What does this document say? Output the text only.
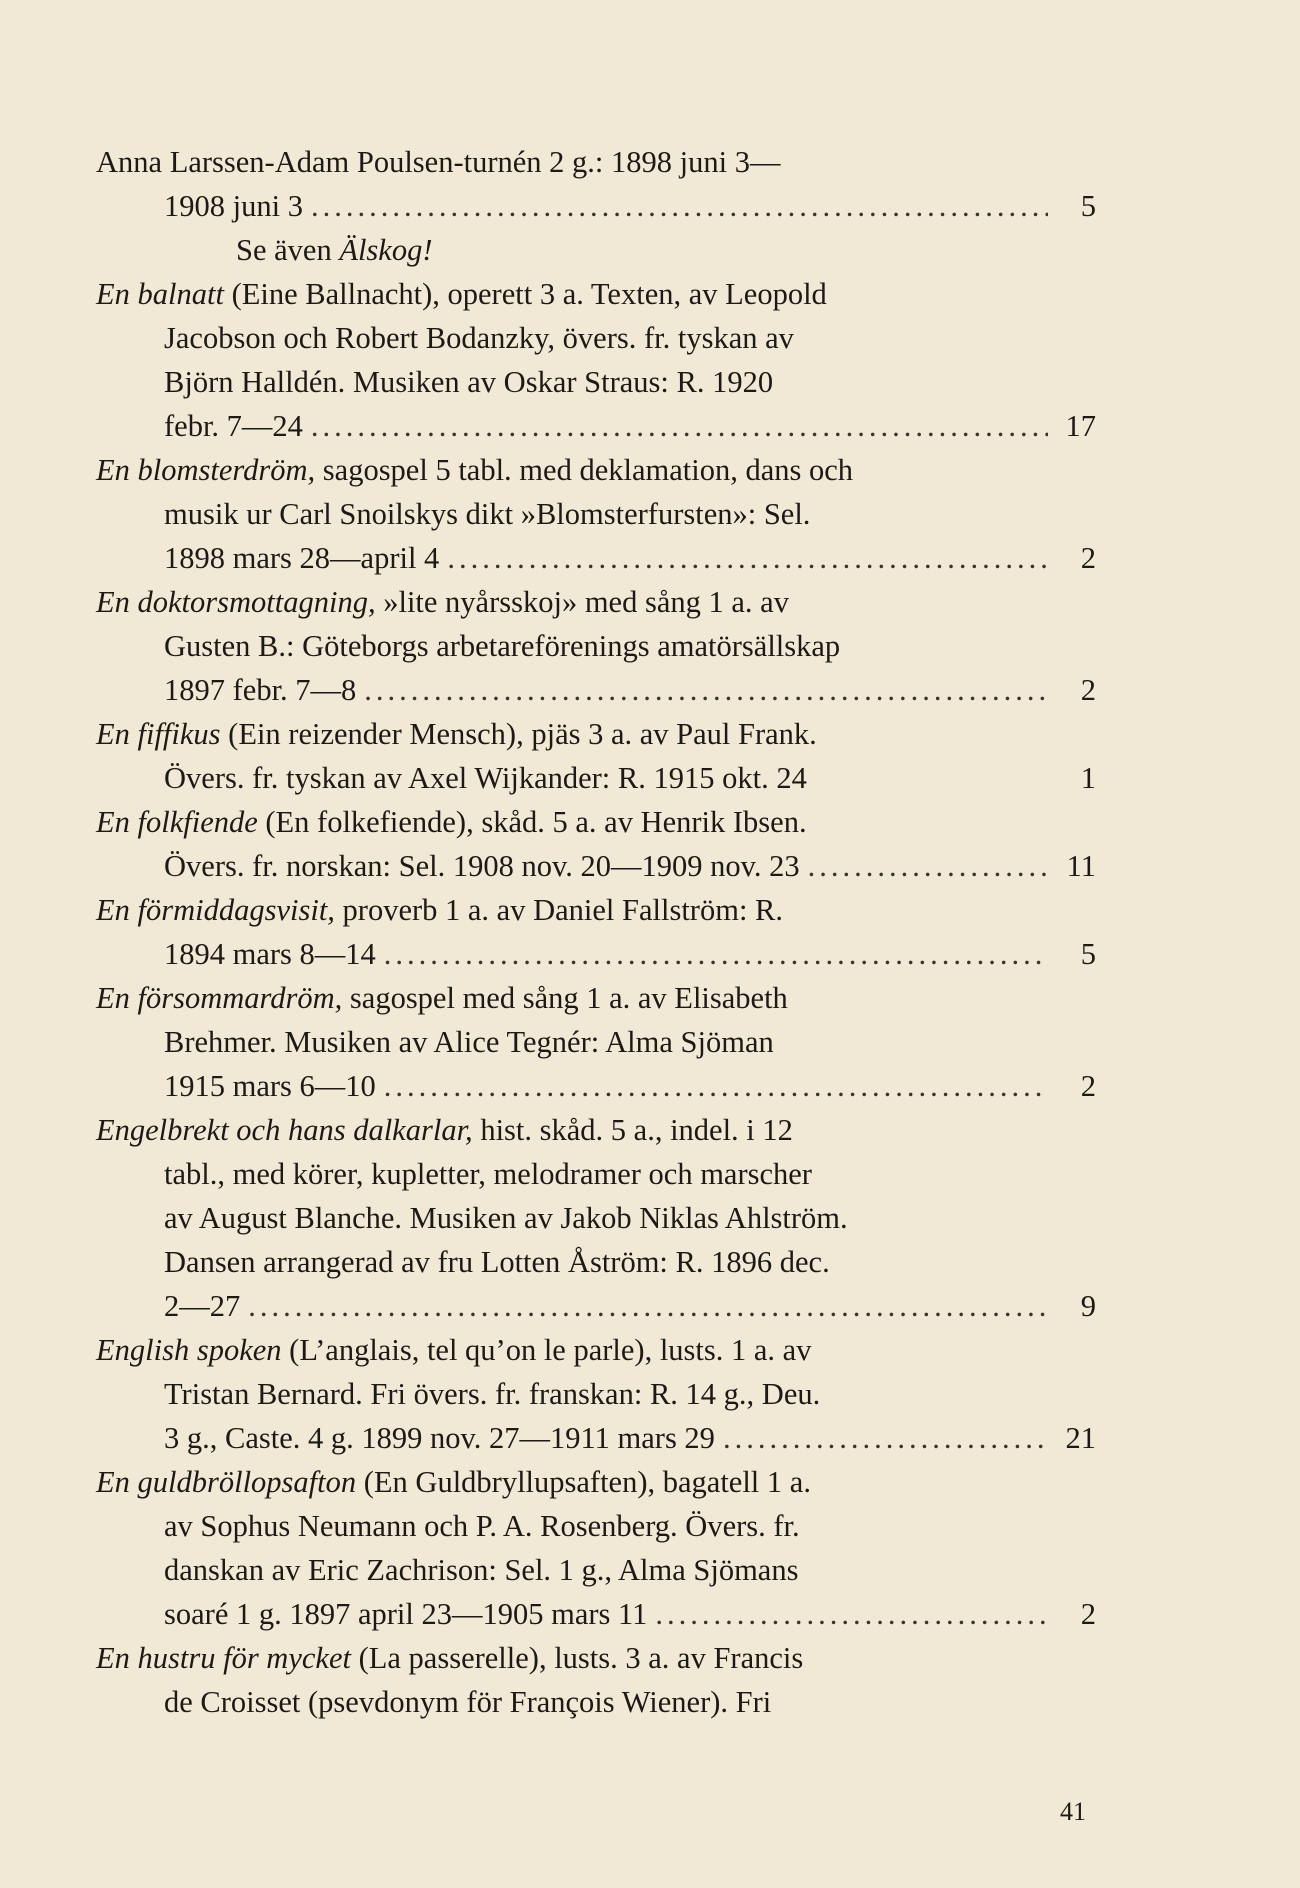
Anna Larssen-Adam Poulsen-turnén 2 g.: 1898 juni 3—
1908 juni 3 .....	5
Se även Älskog!
En balnatt (Eine Ballnacht), operett 3 a. Texten, av Leopold
Jacobson och Robert Bodanzky, övers. fr. tyskan av
Björn Halldén. Musiken av Oskar Straus: R. 1920
febr. 7—24 .....	17
En blomsterdröm, sagospel 5 tabl. med deklamation, dans och
musik ur Carl Snoilskys dikt »Blomsterfursten»: Sel.
1898 mars 28—april 4 .....	2
En doktorsmottagning, »lite nyårsskoj» med sång 1 a. av
Gusten B.: Göteborgs arbetareförenings amatörsällskap
1897 febr. 7—8 .....	2
En fiffikus (Ein reizender Mensch), pjäs 3 a. av Paul Frank.
Övers. fr. tyskan av Axel Wijkander: R. 1915 okt. 24	1
En folkfiende (En folkefiende), skåd. 5 a. av Henrik Ibsen.
Övers. fr. norskan: Sel. 1908 nov. 20—1909 nov. 23 .....	11
En förmiddagsvisit, proverb 1 a. av Daniel Fallström: R.
1894 mars 8—14 .....	5
En försommardröm, sagospel med sång 1 a. av Elisabeth
Brehmer. Musiken av Alice Tegnér: Alma Sjöman
1915 mars 6—10 .....	2
Engelbrekt och hans dalkarlar, hist. skåd. 5 a., indel. i 12
tabl., med körer, kupletter, melodramer och marscher
av August Blanche. Musiken av Jakob Niklas Ahlström.
Dansen arrangerad av fru Lotten Åström: R. 1896 dec.
2—27 .....	9
English spoken (L’anglais, tel qu’on le parle), lusts. 1 a. av
Tristan Bernard. Fri övers. fr. franskan: R. 14 g., Deu.
3 g., Caste. 4 g. 1899 nov. 27—1911 mars 29 .....	21
En guldbröllopsafton (En Guldbryllupsaften), bagatell 1 a.
av Sophus Neumann och P. A. Rosenberg. Övers. fr.
danskan av Eric Zachrison: Sel. 1 g., Alma Sjömans
soaré 1 g. 1897 april 23—1905 mars 11 .....	2
En hustru för mycket (La passerelle), lusts. 3 a. av Francis
de Croisset (psevdonym för François Wiener). Fri
41
